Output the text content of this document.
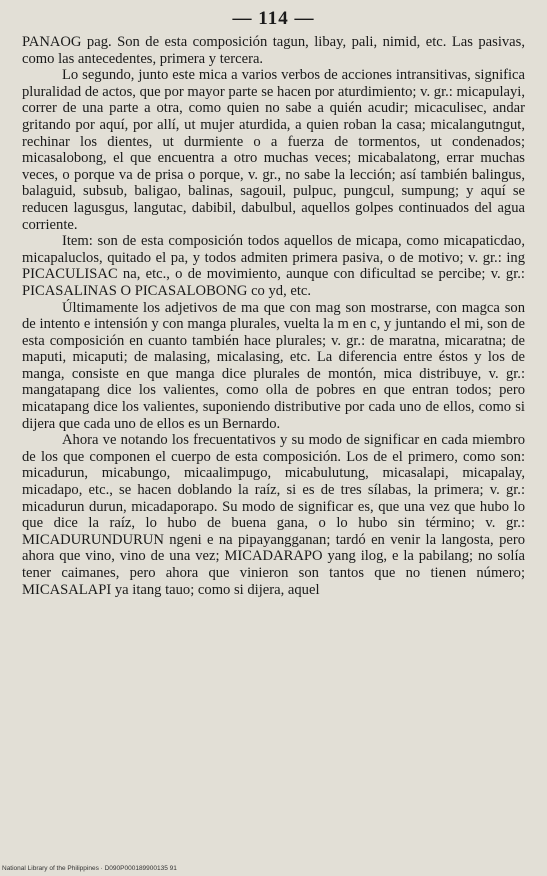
— 114 —

PANAOG pag. Son de esta composición tagun, libay, pali, nimid, etc. Las pasivas, como las antecedentes, primera y tercera.

Lo segundo, junto este mica a varios verbos de acciones intransitivas, significa pluralidad de actos, que por mayor parte se hacen por aturdimiento; v. gr.: micapulayi, correr de una parte a otra, como quien no sabe a quién acudir; micaculisec, andar gritando por aquí, por allí, ut mujer aturdida, a quien roban la casa; micalangutngut, rechinar los dientes, ut durmiente o a fuerza de tormentos, ut condenados; micasalobong, el que encuentra a otro muchas veces; micabalatong, errar muchas veces, o porque va de prisa o porque, v. gr., no sabe la lección; así también balingus, balaguid, subsub, baligao, balinas, sagouil, pulpuc, pungcul, sumpung; y aquí se reducen lagusgus, langutac, dabibil, dabulbul, aquellos golpes continuados del agua corriente.

Item: son de esta composición todos aquellos de micapa, como micapaticdao, micapaluclos, quitado el pa, y todos admiten primera pasiva, o de motivo; v. gr.: ing PICACULISAC na, etc., o de movimiento, aunque con dificultad se percibe; v. gr.: PICASALINAS O PICASALOBONG co yd, etc.

Últimamente los adjetivos de ma que con mag son mostrarse, con magca son de intento e intensión y con manga plurales, vuelta la m en c, y juntando el mi, son de esta composición en cuanto también hace plurales; v. gr.: de maratna, micaratna; de maputi, micaputi; de malasing, micalasing, etc. La diferencia entre éstos y los de manga, consiste en que manga dice plurales de montón, mica distribuye, v. gr.: mangatapang dice los valientes, como olla de pobres en que entran todos; pero micatapang dice los valientes, suponiendo distributive por cada uno de ellos, como si dijera que cada uno de ellos es un Bernardo.

Ahora ve notando los frecuentativos y su modo de significar en cada miembro de los que componen el cuerpo de esta composición. Los de el primero, como son: micadurun, micabungo, micaalimpugo, micabulutung, micasalapi, micapalay, micadapo, etc., se hacen doblando la raíz, si es de tres sílabas, la primera; v. gr.: micadurun durun, micadaporapo. Su modo de significar es, que una vez que hubo lo que dice la raíz, lo hubo de buena gana, o lo hubo sin término; v. gr.: MICADURUNDURUN ngeni e na pipayangganan; tardó en venir la langosta, pero ahora que vino, vino de una vez; MICADARAPO yang ilog, e la pabilang; no solía tener caimanes, pero ahora que vinieron son tantos que no tienen número; MICASALAPI ya itang tauo; como si dijera, aquel

National Library of the Philippines · D090P000189900135 91
